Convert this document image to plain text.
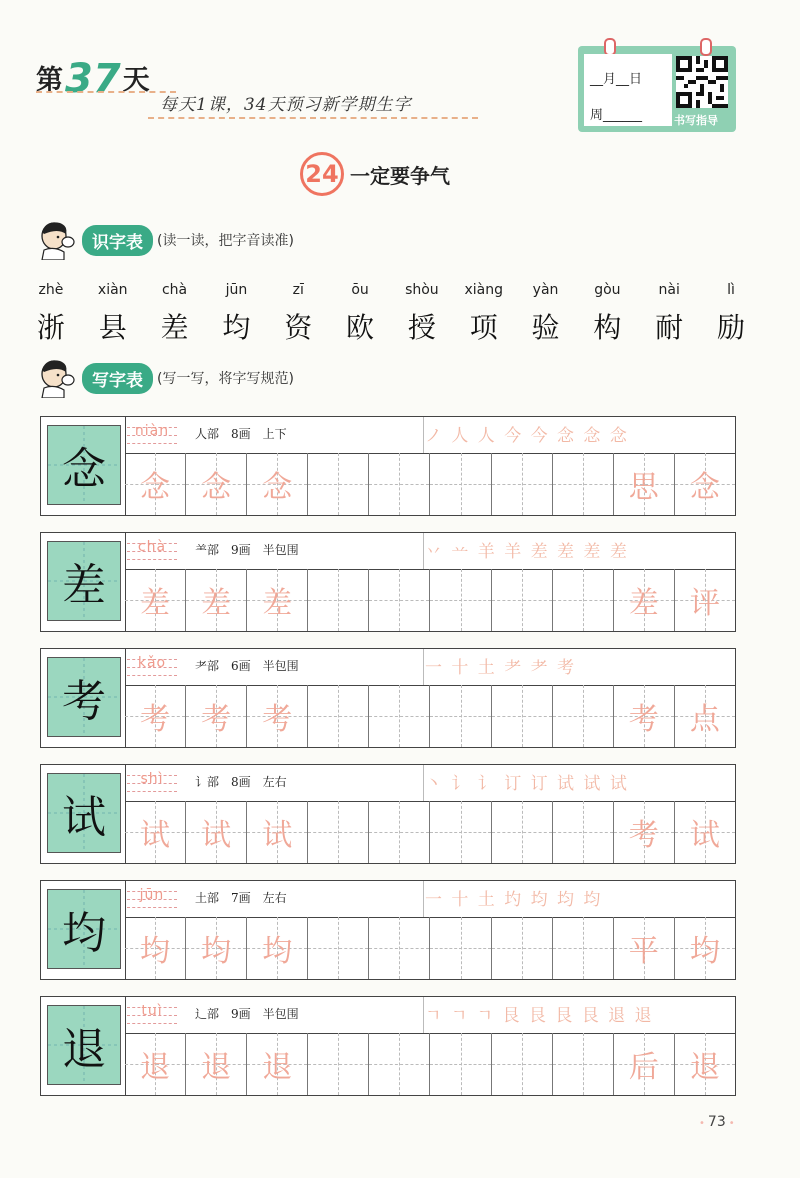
第 37 天
每天1课，34天预习新学期生字
__月__日
周______	书写指导
24 一定要争气
识字表	(读一读，把字音读准)
zhè
浙
xiàn
县
chà
差
jūn
均
zī
资
ōu
欧
shòu
授
xiàng
项
yàn
验
gòu
构
nài
耐
lì
励
写字表	(写一写，将字写规范)
念
niàn	人部　8画　上下	ノ 人 人 今 今 念 念 念
念	念	念	思	念
差
chà	⺷部　9画　半包围	丷 䒑 羊 羊 差 差 差 差
差	差	差	差	评
考
kǎo	耂部　6画　半包围	一 十 土 耂 耂 考
考	考	考	考	点
试
shì	讠部　8画　左右	丶 讠 讠 订 订 试 试 试
试	试	试	考	试
均
jūn	土部　7画　左右	一 十 土 圴 均 均 均
均	均	均	平	均
退
tuì	辶部　9画　半包围	ㄱ ㄱ ㄱ 艮 艮 艮 艮 退 退
退	退	退	后	退
• 73 •
